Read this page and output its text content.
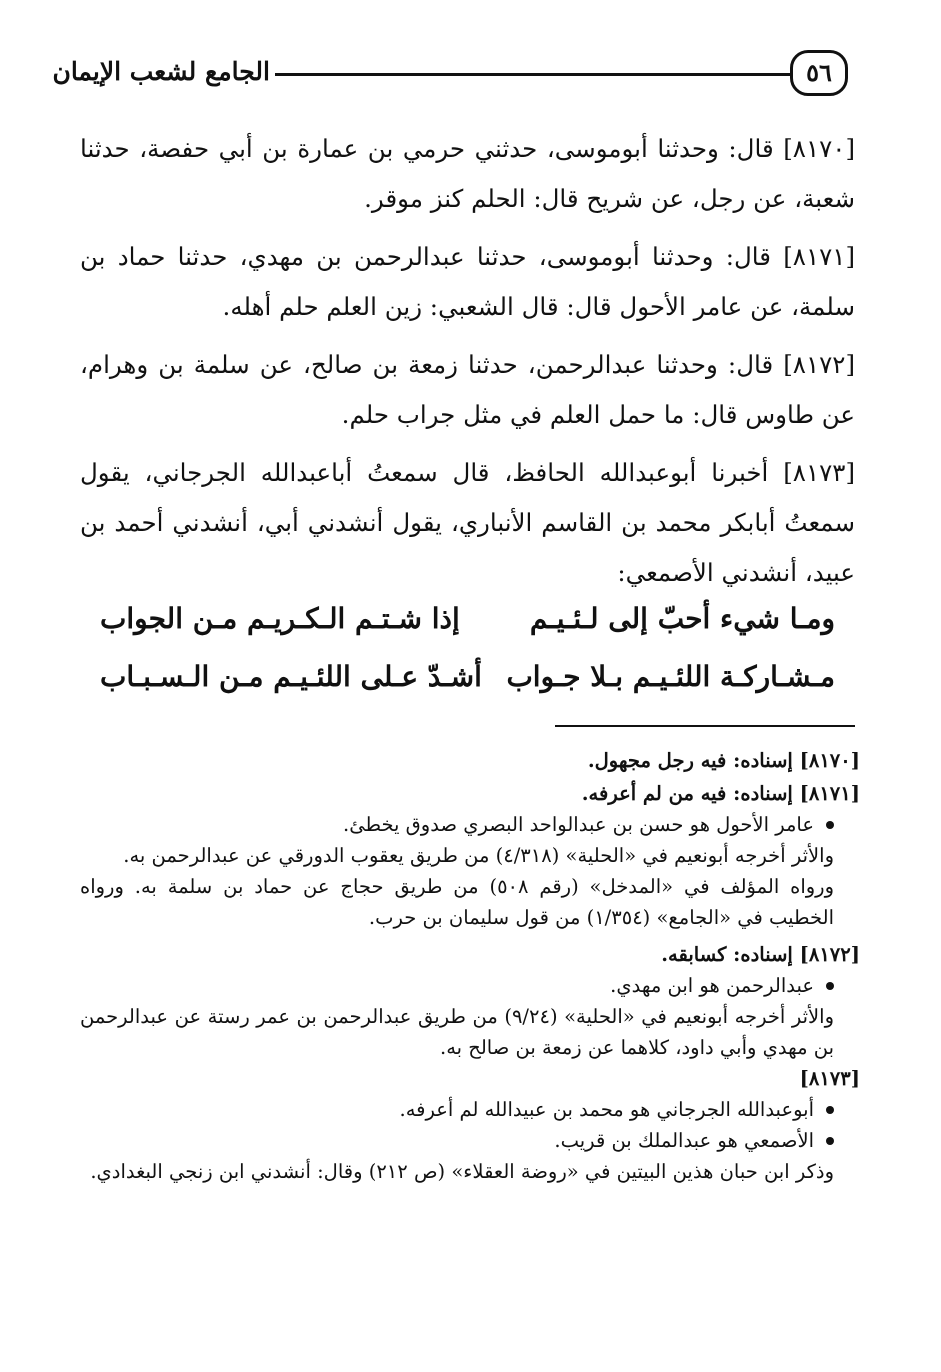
الجامع لشعب الإيمان	٥٦

[٨١٧٠] قال: وحدثنا أبوموسى، حدثني حرمي بن عمارة بن أبي حفصة، حدثنا شعبة، عن رجل، عن شريح قال: الحلم كنز موقر.

[٨١٧١] قال: وحدثنا أبوموسى، حدثنا عبدالرحمن بن مهدي، حدثنا حماد بن سلمة، عن عامر الأحول قال: قال الشعبي: زين العلم حلم أهله.

[٨١٧٢] قال: وحدثنا عبدالرحمن، حدثنا زمعة بن صالح، عن سلمة بن وهرام، عن طاوس قال: ما حمل العلم في مثل جراب حلم.

[٨١٧٣] أخبرنا أبوعبدالله الحافظ، قال سمعتُ أباعبدالله الجرجاني، يقول سمعتُ أبابكر محمد بن القاسم الأنباري، يقول أنشدني أبي، أنشدني أحمد بن عبيد، أنشدني الأصمعي:

ومـا شيء أحبّ إلى لـئـيـم
إذا شـتـم الـكـريـم مـن الجواب
مـشـاركـة اللئـيـم بـلا جـواب
أشـدّ عـلى اللئـيـم مـن الـسـبـاب

[٨١٧٠] إسناده: فيه رجل مجهول.

[٨١٧١] إسناده: فيه من لم أعرفه.

عامر الأحول هو حسن بن عبدالواحد البصري صدوق يخطئ.

والأثر أخرجه أبونعيم في «الحلية» (٤/٣١٨) من طريق يعقوب الدورقي عن عبدالرحمن به.

ورواه المؤلف في «المدخل» (رقم ٥٠٨) من طريق حجاج عن حماد بن سلمة به. ورواه الخطيب في «الجامع» (١/٣٥٤) من قول سليمان بن حرب.

[٨١٧٢] إسناده: كسابقه.

عبدالرحمن هو ابن مهدي.

والأثر أخرجه أبونعيم في «الحلية» (٩/٢٤) من طريق عبدالرحمن بن عمر رستة عن عبدالرحمن بن مهدي وأبي داود، كلاهما عن زمعة بن صالح به.

[٨١٧٣]

أبوعبدالله الجرجاني هو محمد بن عبيدالله لم أعرفه.

الأصمعي هو عبدالملك بن قريب.

وذكر ابن حبان هذين البيتين في «روضة العقلاء» (ص ٢١٢) وقال: أنشدني ابن زنجي البغدادي.
